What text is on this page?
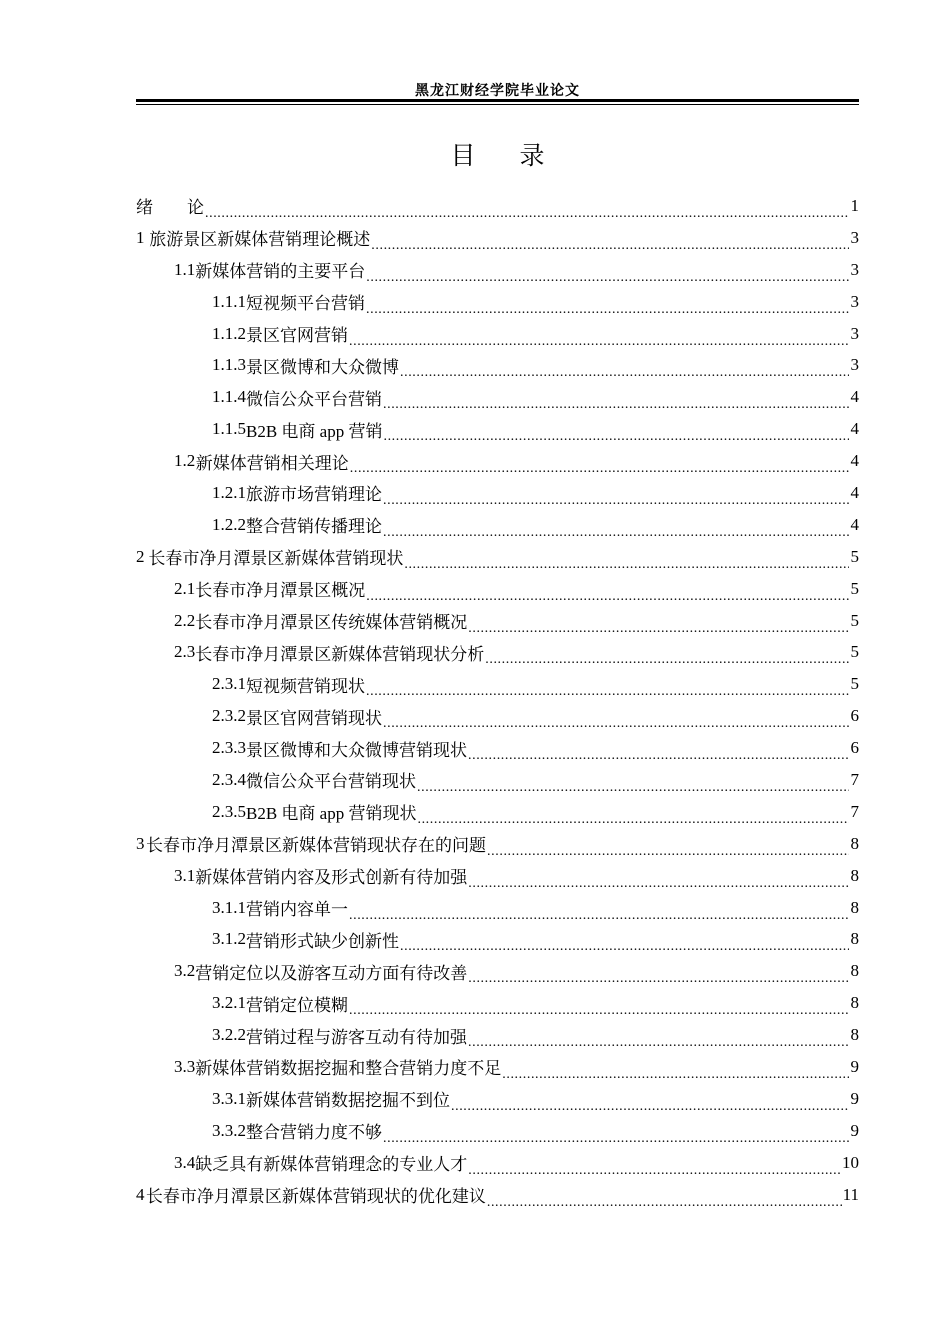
黑龙江财经学院毕业论文
目录
绪　　论 .....	1
1 旅游景区新媒体营销理论概述 .....	3
1.1 新媒体营销的主要平台 .....	3
1.1.1 短视频平台营销 .....	3
1.1.2 景区官网营销 .....	3
1.1.3 景区微博和大众微博 .....	3
1.1.4 微信公众平台营销 .....	4
1.1.5 B2B 电商 app 营销 .....	4
1.2 新媒体营销相关理论 .....	4
1.2.1 旅游市场营销理论 .....	4
1.2.2 整合营销传播理论 .....	4
2 长春市净月潭景区新媒体营销现状 .....	5
2.1 长春市净月潭景区概况 .....	5
2.2 长春市净月潭景区传统媒体营销概况 .....	5
2.3 长春市净月潭景区新媒体营销现状分析 .....	5
2.3.1 短视频营销现状 .....	5
2.3.2 景区官网营销现状 .....	6
2.3.3 景区微博和大众微博营销现状 .....	6
2.3.4 微信公众平台营销现状 .....	7
2.3.5 B2B 电商 app 营销现状 .....	7
3 长春市净月潭景区新媒体营销现状存在的问题 .....	8
3.1 新媒体营销内容及形式创新有待加强 .....	8
3.1.1 营销内容单一 .....	8
3.1.2 营销形式缺少创新性 .....	8
3.2 营销定位以及游客互动方面有待改善 .....	8
3.2.1 营销定位模糊 .....	8
3.2.2 营销过程与游客互动有待加强 .....	8
3.3 新媒体营销数据挖掘和整合营销力度不足 .....	9
3.3.1 新媒体营销数据挖掘不到位 .....	9
3.3.2 整合营销力度不够 .....	9
3.4 缺乏具有新媒体营销理念的专业人才 .....	10
4 长春市净月潭景区新媒体营销现状的优化建议 .....	11
